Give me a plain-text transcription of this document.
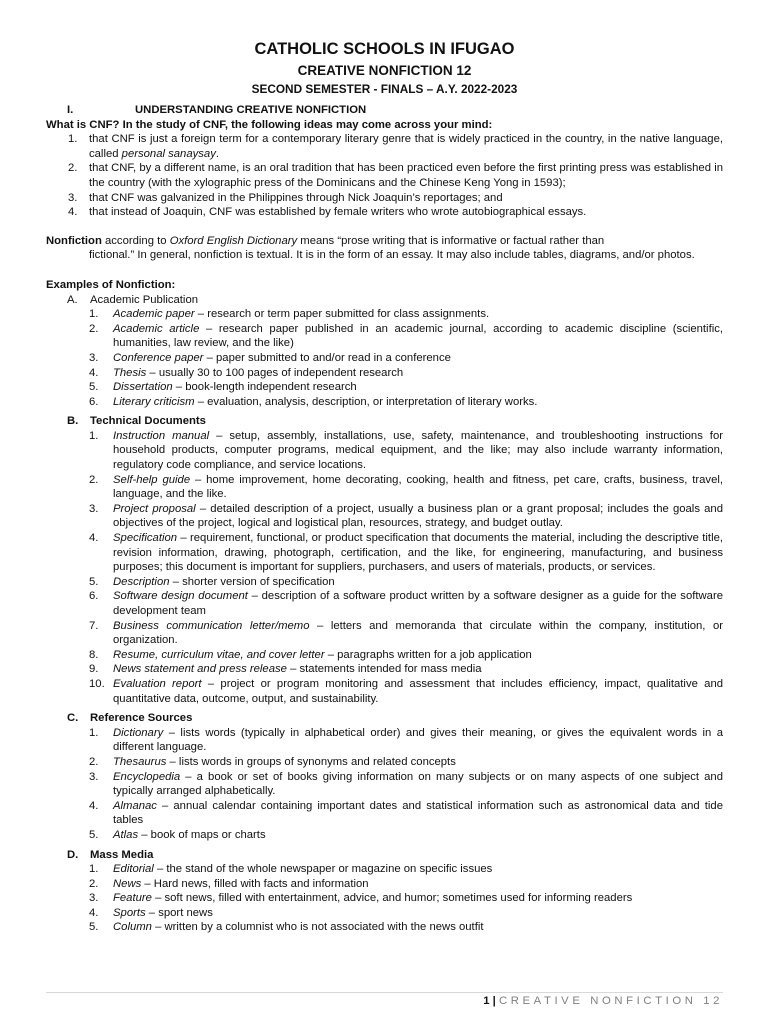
CATHOLIC SCHOOLS IN IFUGAO
CREATIVE NONFICTION 12
SECOND SEMESTER - FINALS – A.Y. 2022-2023
I.	UNDERSTANDING CREATIVE NONFICTION
What is CNF? In the study of CNF, the following ideas may come across your mind:
1. that CNF is just a foreign term for a contemporary literary genre that is widely practiced in the country, in the native language, called personal sanaysay.
2. that CNF, by a different name, is an oral tradition that has been practiced even before the first printing press was established in the country (with the xylographic press of the Dominicans and the Chinese Keng Yong in 1593);
3. that CNF was galvanized in the Philippines through Nick Joaquin’s reportages; and
4. that instead of Joaquin, CNF was established by female writers who wrote autobiographical essays.
Nonfiction according to Oxford English Dictionary means “prose writing that is informative or factual rather than
fictional.” In general, nonfiction is textual. It is in the form of an essay. It may also include tables, diagrams, and/or photos.
Examples of Nonfiction:
A. Academic Publication
1.	Academic paper – research or term paper submitted for class assignments.
2.	Academic article – research paper published in an academic journal, according to academic discipline (scientific, humanities, law review, and the like)
3.	Conference paper – paper submitted to and/or read in a conference
4.	Thesis – usually 30 to 100 pages of independent research
5.	Dissertation – book-length independent research
6.	Literary criticism – evaluation, analysis, description, or interpretation of literary works.
B. Technical Documents
1.	Instruction manual – setup, assembly, installations, use, safety, maintenance, and troubleshooting instructions for household products, computer programs, medical equipment, and the like; may also include warranty information, regulatory code compliance, and service locations.
2.	Self-help guide – home improvement, home decorating, cooking, health and fitness, pet care, crafts, business, travel, language, and the like.
3.	Project proposal – detailed description of a project, usually a business plan or a grant proposal; includes the goals and objectives of the project, logical and logistical plan, resources, strategy, and budget outlay.
4.	Specification – requirement, functional, or product specification that documents the material, including the descriptive title, revision information, drawing, photograph, certification, and the like, for engineering, manufacturing, and business purposes; this document is important for suppliers, purchasers, and users of materials, products, or services.
5.	Description – shorter version of specification
6.	Software design document – description of a software product written by a software designer as a guide for the software development team
7.	Business communication letter/memo – letters and memoranda that circulate within the company, institution, or organization.
8.	Resume, curriculum vitae, and cover letter – paragraphs written for a job application
9.	News statement and press release – statements intended for mass media
10. Evaluation report – project or program monitoring and assessment that includes efficiency, impact, qualitative and quantitative data, outcome, output, and sustainability.
C. Reference Sources
1.	Dictionary – lists words (typically in alphabetical order) and gives their meaning, or gives the equivalent words in a different language.
2.	Thesaurus – lists words in groups of synonyms and related concepts
3.	Encyclopedia – a book or set of books giving information on many subjects or on many aspects of one subject and typically arranged alphabetically.
4.	Almanac – annual calendar containing important dates and statistical information such as astronomical data and tide tables
5.	Atlas – book of maps or charts
D. Mass Media
1.	Editorial – the stand of the whole newspaper or magazine on specific issues
2.	News – Hard news, filled with facts and information
3.	Feature – soft news, filled with entertainment, advice, and humor; sometimes used for informing readers
4.	Sports – sport news
5.	Column – written by a columnist who is not associated with the news outfit
1 | CREATIVE NONFICTION 12
